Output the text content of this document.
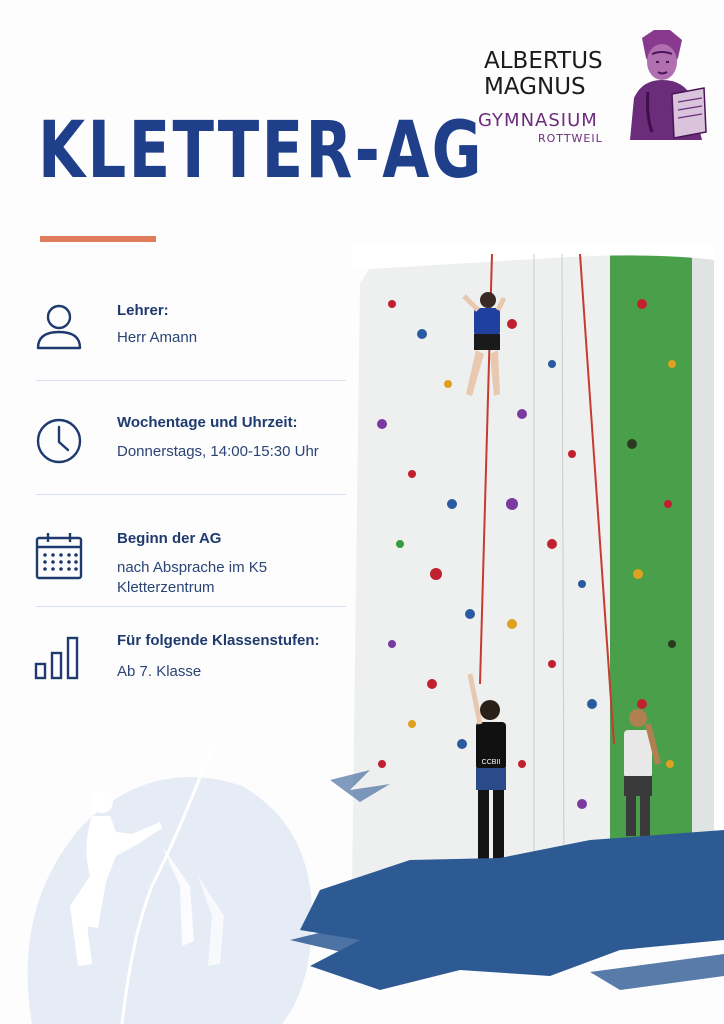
ALBERTUS
MAGNUS
GYMNASIUM
ROTTWEIL
KLETTER-AG
Lehrer:
Herr Amann
Wochentage und Uhrzeit:
Donnerstags, 14:00-15:30 Uhr
Beginn der AG
nach Absprache im K5
Kletterzentrum
Für folgende Klassenstufen:
Ab 7. Klasse
CCBII
